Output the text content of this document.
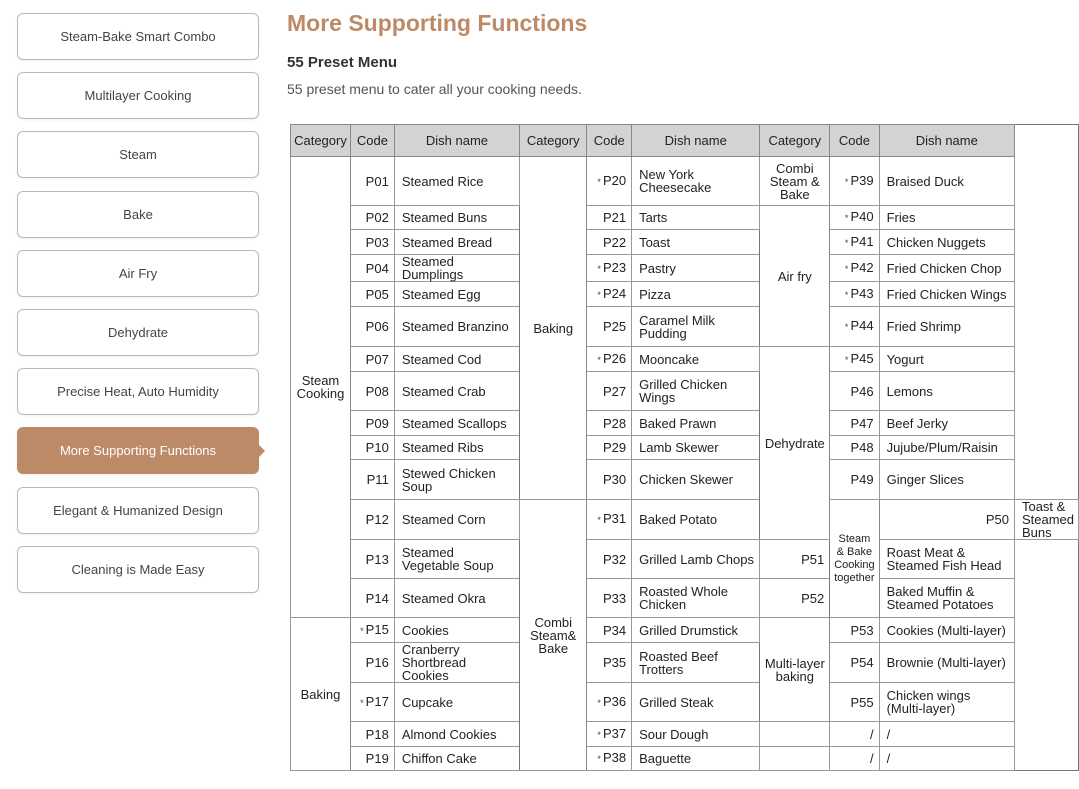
Steam-Bake Smart Combo
Multilayer Cooking
Steam
Bake
Air Fry
Dehydrate
Precise Heat, Auto Humidity
More Supporting Functions
Elegant & Humanized Design
Cleaning is Made Easy
More Supporting Functions
55 Preset Menu
55 preset menu to cater all your cooking needs.
Category	Code	Dish name	Category	Code	Dish name	Category	Code	Dish name	
Steam Cooking	P01	Steamed Rice	Baking	* P20	New York Cheesecake	Combi Steam & Bake	* P39	Braised Duck	
	P02	Steamed Buns		P21	Tarts	Air fry	* P40	Fries	
	P03	Steamed Bread		P22	Toast		* P41	Chicken Nuggets	
	P04	Steamed Dumplings		* P23	Pastry		* P42	Fried Chicken Chop	
	P05	Steamed Egg		* P24	Pizza		* P43	Fried Chicken Wings	
	P06	Steamed Branzino		P25	Caramel Milk Pudding		* P44	Fried Shrimp	
	P07	Steamed Cod		* P26	Mooncake	Dehydrate	* P45	Yogurt	
	P08	Steamed Crab		P27	Grilled Chicken Wings		P46	Lemons	
	P09	Steamed Scallops		P28	Baked Prawn		P47	Beef Jerky	
	P10	Steamed Ribs		P29	Lamb Skewer		P48	Jujube/Plum/Raisin	
	P11	Stewed Chicken Soup		P30	Chicken Skewer		P49	Ginger Slices	
	P12	Steamed Corn	Combi Steam& Bake	* P31	Baked Potato		Steam & Bake Cooking together	P50	Toast & Steamed Buns
	P13	Steamed Vegetable Soup		P32	Grilled Lamb Chops	P51		Roast Meat & Steamed Fish Head	
	P14	Steamed Okra		P33	Roasted Whole Chicken	P52		Baked Muffin & Steamed Potatoes	
Baking	* P15	Cookies		P34	Grilled Drumstick	Multi-layer baking	P53	Cookies (Multi-layer)	
	P16	Cranberry Shortbread Cookies		P35	Roasted Beef Trotters		P54	Brownie (Multi-layer)	
	* P17	Cupcake		* P36	Grilled Steak		P55	Chicken wings (Multi-layer)	
	P18	Almond Cookies		* P37	Sour Dough		/	/	
	P19	Chiffon Cake		* P38	Baguette		/	/	
